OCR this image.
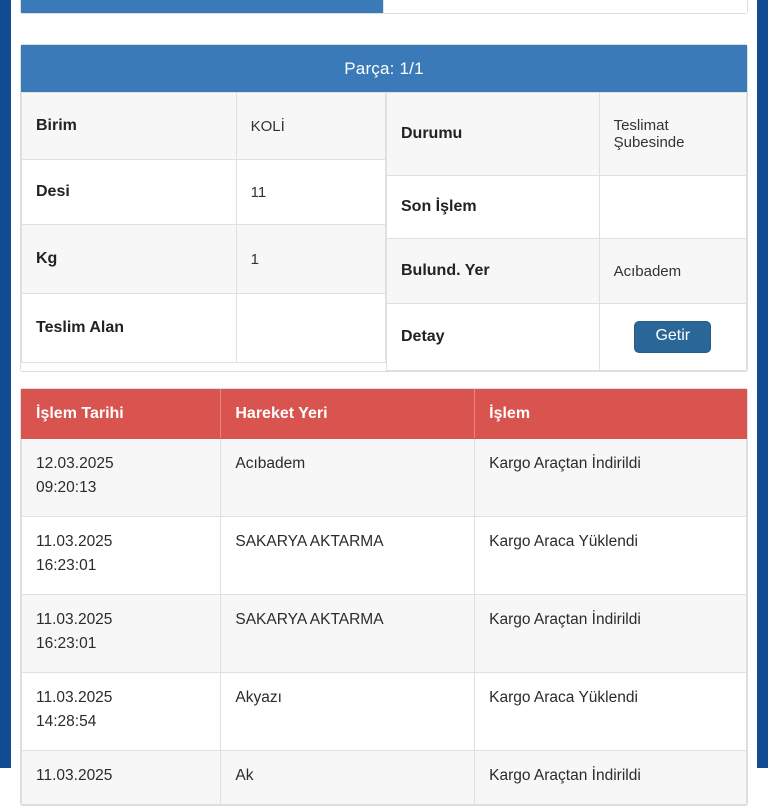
Parça: 1/1
Birim	KOLİ
Desi	11
Kg	1
Teslim Alan	
Durumu	Teslimat Şubesinde
Son İşlem	
Bulund. Yer	Acıbadem
Detay	Getir
İşlem Tarihi	Hareket Yeri	İşlem

12.03.2025
09:20:13	Acıbadem	Kargo Araçtan İndirildi

11.03.2025
16:23:01	SAKARYA AKTARMA	Kargo Araca Yüklendi

11.03.2025
16:23:01	SAKARYA AKTARMA	Kargo Araçtan İndirildi

11.03.2025
14:28:54	Akyazı	Kargo Araca Yüklendi

11.03.2025	Ak	Kargo Araçtan İndirildi
